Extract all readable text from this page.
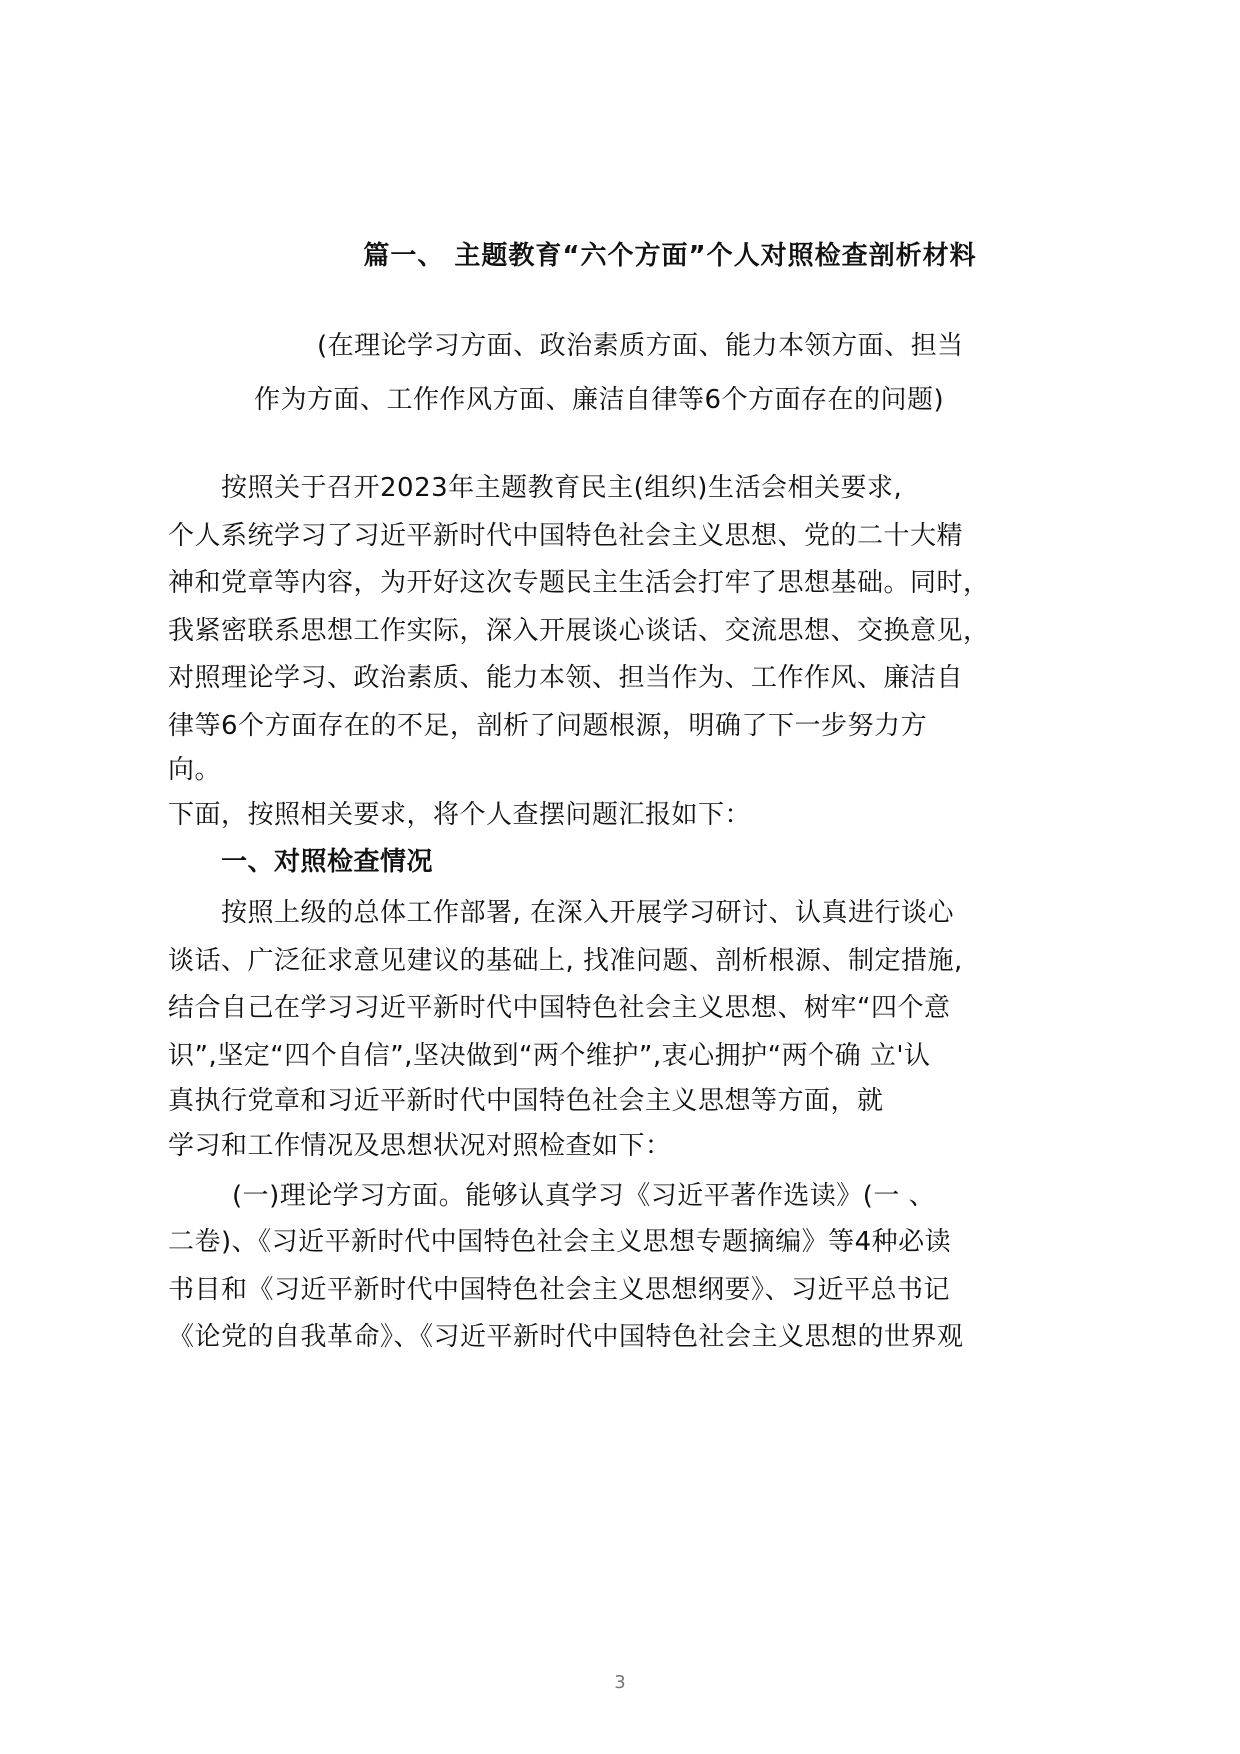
篇一、 主题教育“六个方面”个人对照检查剖析材料
(在理论学习方面、政治素质方面、能力本领方面、担当
作为方面、工作作风方面、廉洁自律等6个方面存在的问题)
按照关于召开2023年主题教育民主(组织)生活会相关要求,
个人系统学习了习近平新时代中国特色社会主义思想、党的二十大精
神和党章等内容，为开好这次专题民主生活会打牢了思想基础。同时，
我紧密联系思想工作实际，深入开展谈心谈话、交流思想、交换意见，
对照理论学习、政治素质、能力本领、担当作为、工作作风、廉洁自
律等6个方面存在的不足，剖析了问题根源，明确了下一步努力方
向。
下面，按照相关要求，将个人查摆问题汇报如下：
一、对照检查情况
按照上级的总体工作部署, 在深入开展学习研讨、认真进行谈心
谈话、广泛征求意见建议的基础上, 找准问题、剖析根源、制定措施,
结合自己在学习习近平新时代中国特色社会主义思想、树牢“四个意
识”,坚定“四个自信”,坚决做到“两个维护”,衷心拥护“两个确 立'认
真执行党章和习近平新时代中国特色社会主义思想等方面，就
学习和工作情况及思想状况对照检查如下：
(一)理论学习方面。能够认真学习《习近平著作选读》(一 、
二卷)、《习近平新时代中国特色社会主义思想专题摘编》等4种必读
书目和《习近平新时代中国特色社会主义思想纲要》、习近平总书记
《论党的自我革命》、《习近平新时代中国特色社会主义思想的世界观
3
